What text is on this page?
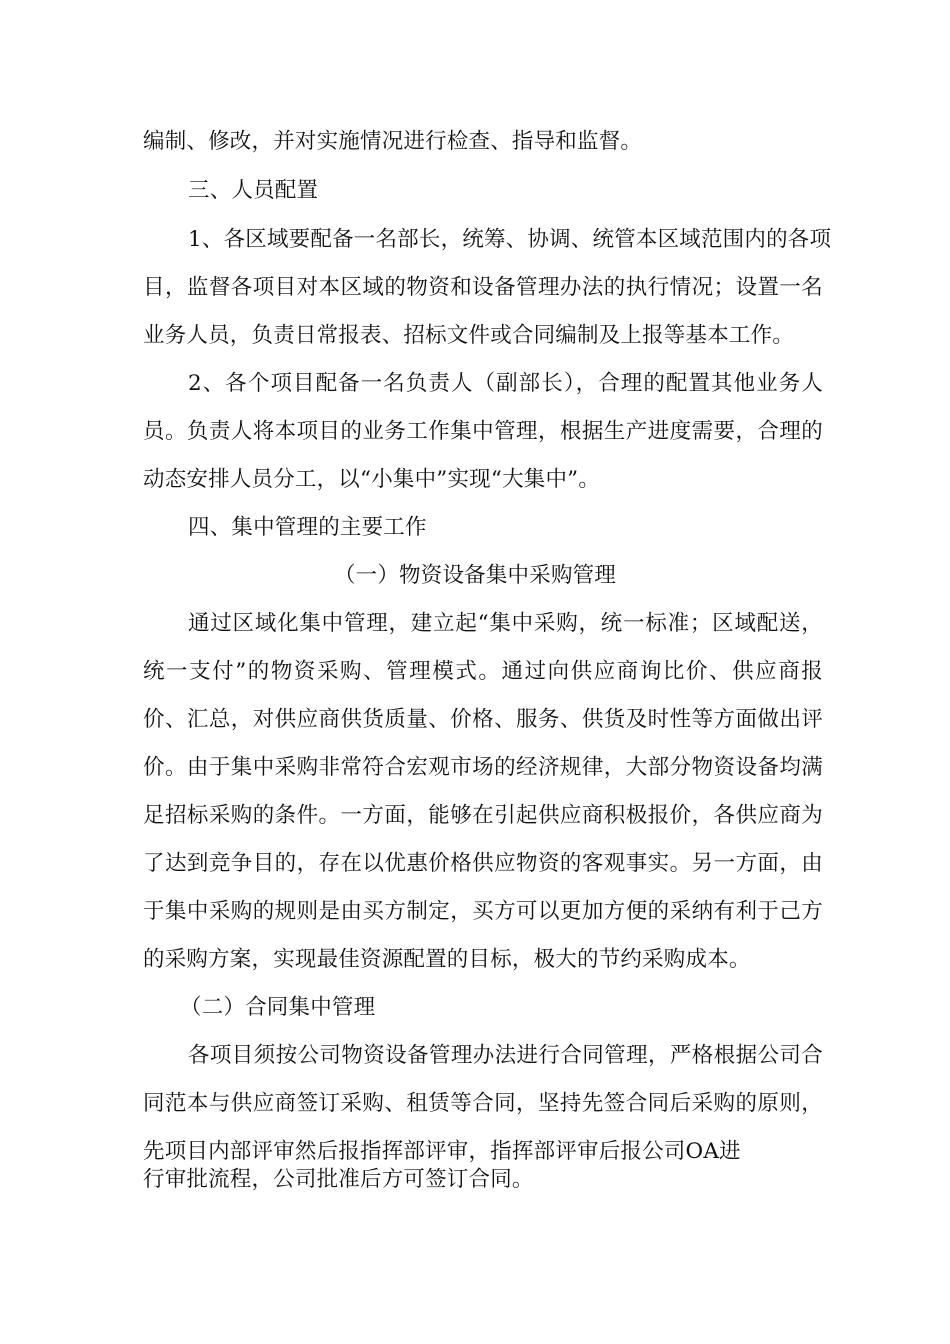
编制、修改，并对实施情况进行检查、指导和监督。
三、人员配置
1、各区域要配备一名部长，统筹、协调、统管本区域范围内的各项
目，监督各项目对本区域的物资和设备管理办法的执行情况；设置一名
业务人员，负责日常报表、招标文件或合同编制及上报等基本工作。
2、各个项目配备一名负责人（副部长），合理的配置其他业务人
员。负责人将本项目的业务工作集中管理，根据生产进度需要，合理的
动态安排人员分工，以“小集中”实现“大集中”。
四、集中管理的主要工作
（一）物资设备集中采购管理
通过区域化集中管理，建立起“集中采购，统一标准；区域配送，
统一支付”的物资采购、管理模式。通过向供应商询比价、供应商报
价、汇总，对供应商供货质量、价格、服务、供货及时性等方面做出评
价。由于集中采购非常符合宏观市场的经济规律，大部分物资设备均满
足招标采购的条件。一方面，能够在引起供应商积极报价，各供应商为
了达到竞争目的，存在以优惠价格供应物资的客观事实。另一方面，由
于集中采购的规则是由买方制定，买方可以更加方便的采纳有利于己方
的采购方案，实现最佳资源配置的目标，极大的节约采购成本。
（二）合同集中管理
各项目须按公司物资设备管理办法进行合同管理，严格根据公司合
同范本与供应商签订采购、租赁等合同，坚持先签合同后采购的原则，
先项目内部评审然后报指挥部评审，指挥部评审后报公司OA进
行审批流程，公司批准后方可签订合同。
